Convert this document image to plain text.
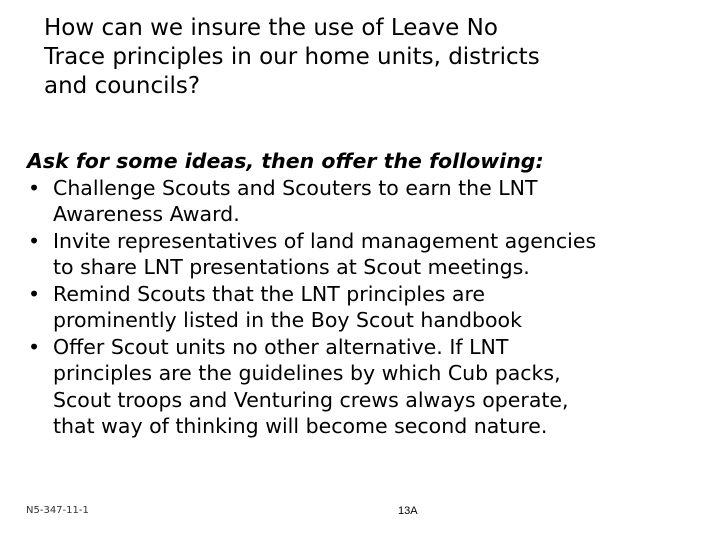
How can we insure the use of Leave No
Trace principles in our home units, districts
and councils?

Ask for some ideas, then offer the following:

• Challenge Scouts and Scouters to earn the LNT
Awareness Award.
• Invite representatives of land management agencies
to share LNT presentations at Scout meetings.
• Remind Scouts that the LNT principles are
prominently listed in the Boy Scout handbook
• Offer Scout units no other alternative. If LNT
principles are the guidelines by which Cub packs,
Scout troops and Venturing crews always operate,
that way of thinking will become second nature.
N5-347-11-1	13A
